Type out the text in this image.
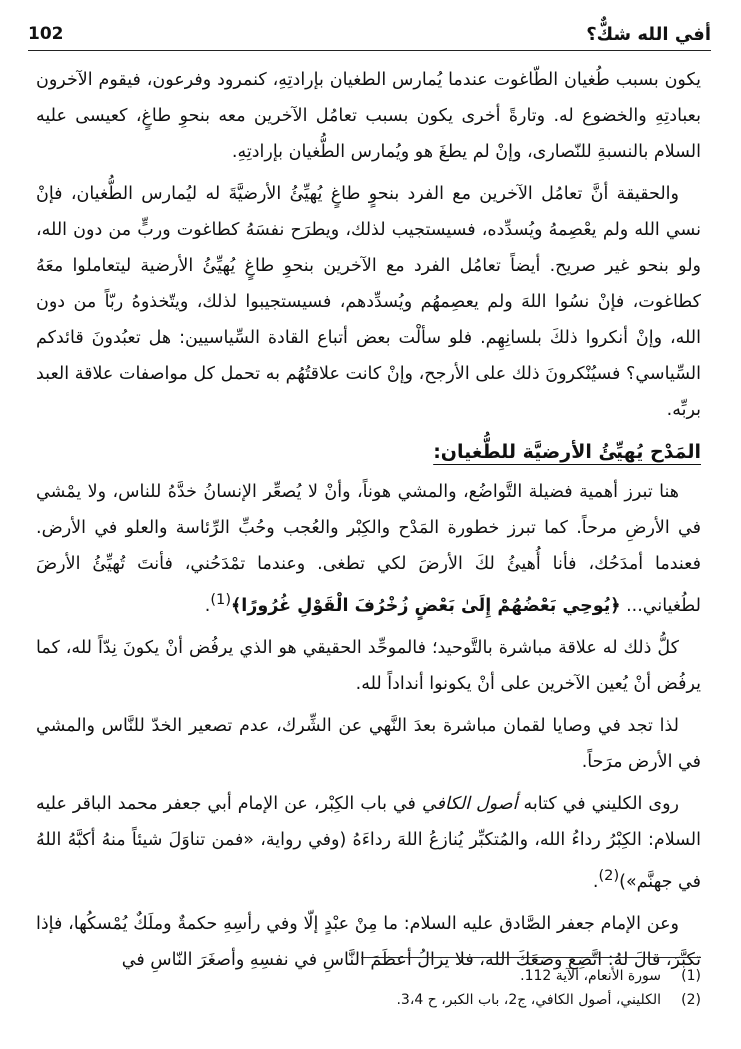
أفي الله شكٌّ؟
102

يكون بسبب طُغيان الطّاغوت عندما يُمارس الطغيان بإرادتِهِ، كنمرود وفرعون، فيقوم الآخرون بعبادتِهِ والخضوع له. وتارةً أخرى يكون بسبب تعامُل الآخرين معه بنحوِ طاغٍ، كعيسى عليه السلام بالنسبةِ للنّصارى، وإنْ لم يطغَ هو ويُمارس الطُّغيان بإرادتِهِ.

والحقيقة أنَّ تعامُل الآخرين مع الفرد بنحوٍ طاغٍ يُهيِّئُ الأرضيَّةَ له ليُمارس الطُّغيان، فإنْ نسي الله ولم يعْصِمهُ ويُسدِّده، فسيستجيب لذلك، ويطرَح نفسَهُ كطاغوت وربٍّ من دون الله، ولو بنحو غير صريح. أيضاً تعامُل الفرد مع الآخرين بنحوِ طاغٍ يُهيِّئُ الأرضية ليتعاملوا معَهُ كطاغوت، فإنْ نسُوا اللهَ ولم يعصِمهُم ويُسدِّدهم، فسيستجيبوا لذلك، ويتّخذوهُ ربّاً من دون الله، وإنْ أنكروا ذلكَ بلسانِهِم. فلو سألْت بعض أتباع القادة السِّياسيين: هل تعبُدونَ قائدكم السِّياسي؟ فسيُنْكرونَ ذلك على الأرجح، وإنْ كانت علاقتُهُم به تحمل كل مواصفات علاقة العبد بربِّه.

المَدْح يُهيِّئُ الأرضيَّة للطُّغيان:

هنا تبرز أهمية فضيلة التَّواضُع، والمشي هوناً، وأنْ لا يُصعِّر الإنسانُ خدَّهُ للناس، ولا يمْشي في الأرضِ مرحاً. كما تبرز خطورة المَدْح والكِبْر والعُجب وحُبِّ الرِّئاسة والعلو في الأرض. فعندما أمدَحُك، فأنا أُهيئُ لكَ الأرضَ لكي تطغى. وعندما تمْدَحُني، فأنتَ تُهيِّئُ الأرضَ لطُغياني... ﴿يُوحِي بَعْضُهُمْ إِلَىٰ بَعْضٍ زُخْرُفَ الْقَوْلِ غُرُورًا﴾$^{(1)}$.

كلُّ ذلك له علاقة مباشرة بالتَّوحيد؛ فالموحِّد الحقيقي هو الذي يرفُض أنْ يكونَ نِدّاً لله، كما يرفُض أنْ يُعين الآخرين على أنْ يكونوا أنداداً لله.

لذا تجد في وصايا لقمان مباشرة بعدَ النَّهي عن الشِّرك، عدم تصعير الخدّ للنَّاس والمشي في الأرض مرَحاً.

روى الكليني في كتابه أصول الكافي في باب الكِبْر، عن الإمام أبي جعفر محمد الباقر عليه السلام: الكِبْرُ رداءُ الله، والمُتكبِّر يُنازعُ اللهَ رداءَهُ (وفي رواية، «فمن تناوَلَ شيئاً منهُ أكبَّهُ اللهُ في جهنَّم»)$^{(2)}$.

وعن الإمام جعفر الصَّادق عليه السلام: ما مِنْ عبْدٍ إلّا وفي رأسِهِ حكمةٌ وملَكٌ يُمْسكُها، فإذا تكبَّرَ، قالَ لهُ: اتَّضِع وضعَكَ الله، فلا يزالُ أعظَمَ النَّاسِ في نفسِهِ وأصغَرَ النّاسِ في

(1)
سورة الأنعام، الآية 112.
(2)
الكليني، أصول الكافي، ج2، باب الكبر، ح 3،4.
